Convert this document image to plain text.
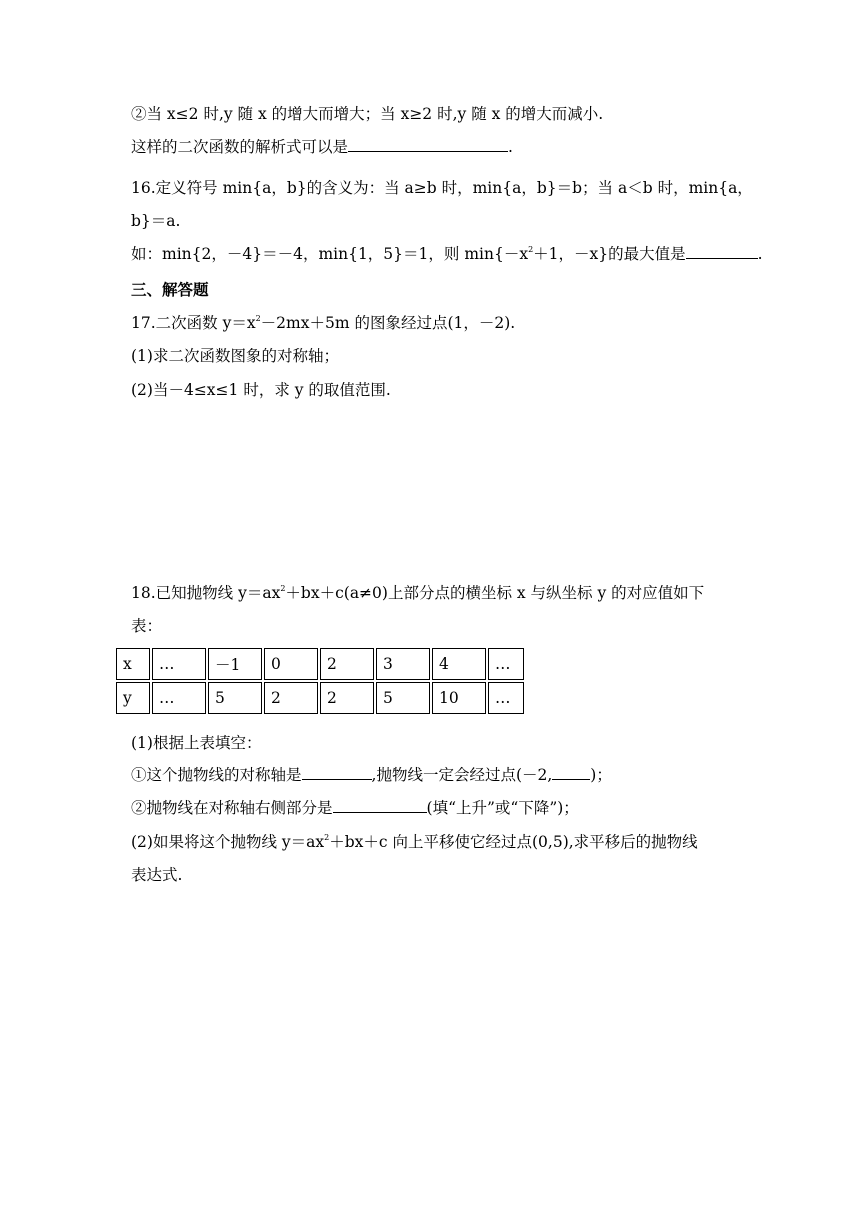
②当 x≤2 时,y 随 x 的增大而增大；当 x≥2 时,y 随 x 的增大而减小.
这样的二次函数的解析式可以是	.
16.定义符号 min{a，b}的含义为：当 a≥b 时，min{a，b}＝b；当 a＜b 时，min{a，
b}＝a.
如：min{2，－4}＝－4，min{1，5}＝1，则 $\min\{-x^2+1$，－x}的最大值是	.
三、解答题
17.二次函数 $y=x^2-2mx+5m$ 的图象经过点(1，－2).
(1)求二次函数图象的对称轴；
(2)当－4≤x≤1 时，求 y 的取值范围.
18.已知抛物线 $y=ax^2+bx+c(a\ne 0)$上部分点的横坐标 x 与纵坐标 y 的对应值如下
表：
x	…	－1	0	2	3	4	…
y	…	5	2	2	5	10	…
(1)根据上表填空：
①这个抛物线的对称轴是	,抛物线一定会经过点(－2, )；
②抛物线在对称轴右侧部分是	(填“上升”或“下降”)；
(2)如果将这个抛物线 $y=ax^2+bx+c$ 向上平移使它经过点(0,5),求平移后的抛物线
表达式.
